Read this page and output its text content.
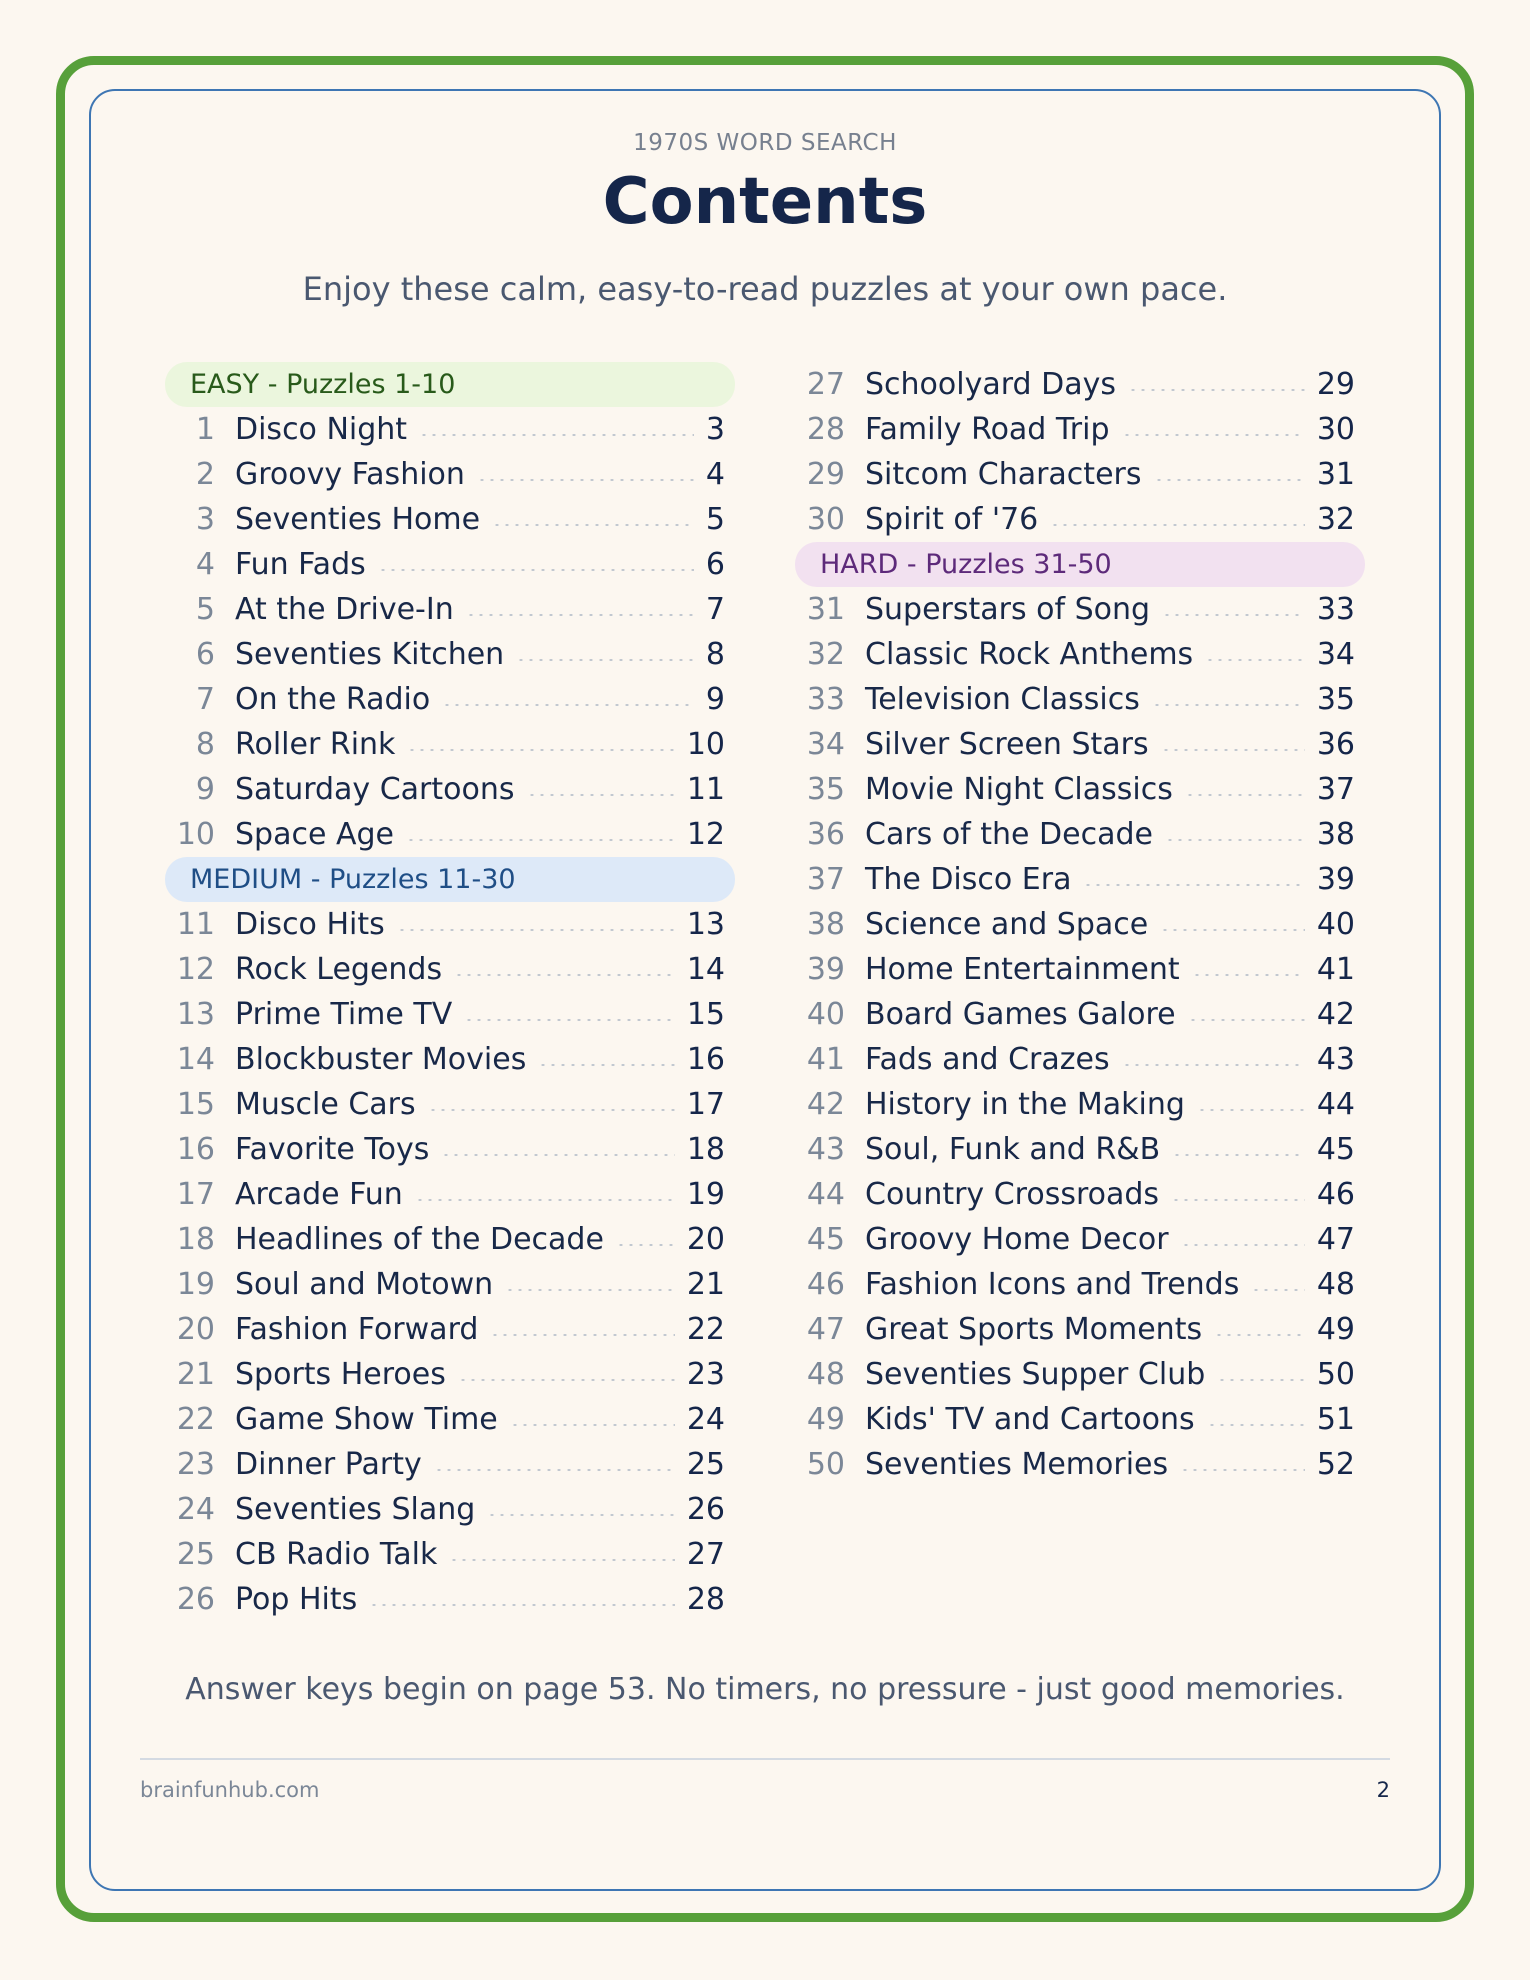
1970S WORD SEARCH
Contents
Enjoy these calm, easy-to-read puzzles at your own pace.
EASY - Puzzles 1-10
1 Disco Night	3
2 Groovy Fashion	4
3 Seventies Home	5
4 Fun Fads	6
5 At the Drive-In	7
6 Seventies Kitchen	8
7 On the Radio	9
8 Roller Rink	10
9 Saturday Cartoons	11
10 Space Age	12
MEDIUM - Puzzles 11-30
11 Disco Hits	13
12 Rock Legends	14
13 Prime Time TV	15
14 Blockbuster Movies	16
15 Muscle Cars	17
16 Favorite Toys	18
17 Arcade Fun	19
18 Headlines of the Decade	20
19 Soul and Motown	21
20 Fashion Forward	22
21 Sports Heroes	23
22 Game Show Time	24
23 Dinner Party	25
24 Seventies Slang	26
25 CB Radio Talk	27
26 Pop Hits	28
27 Schoolyard Days	29
28 Family Road Trip	30
29 Sitcom Characters	31
30 Spirit of '76	32
HARD - Puzzles 31-50
31 Superstars of Song	33
32 Classic Rock Anthems	34
33 Television Classics	35
34 Silver Screen Stars	36
35 Movie Night Classics	37
36 Cars of the Decade	38
37 The Disco Era	39
38 Science and Space	40
39 Home Entertainment	41
40 Board Games Galore	42
41 Fads and Crazes	43
42 History in the Making	44
43 Soul, Funk and R&B	45
44 Country Crossroads	46
45 Groovy Home Decor	47
46 Fashion Icons and Trends	48
47 Great Sports Moments	49
48 Seventies Supper Club	50
49 Kids' TV and Cartoons	51
50 Seventies Memories	52
Answer keys begin on page 53. No timers, no pressure - just good memories.
brainfunhub.com	2
